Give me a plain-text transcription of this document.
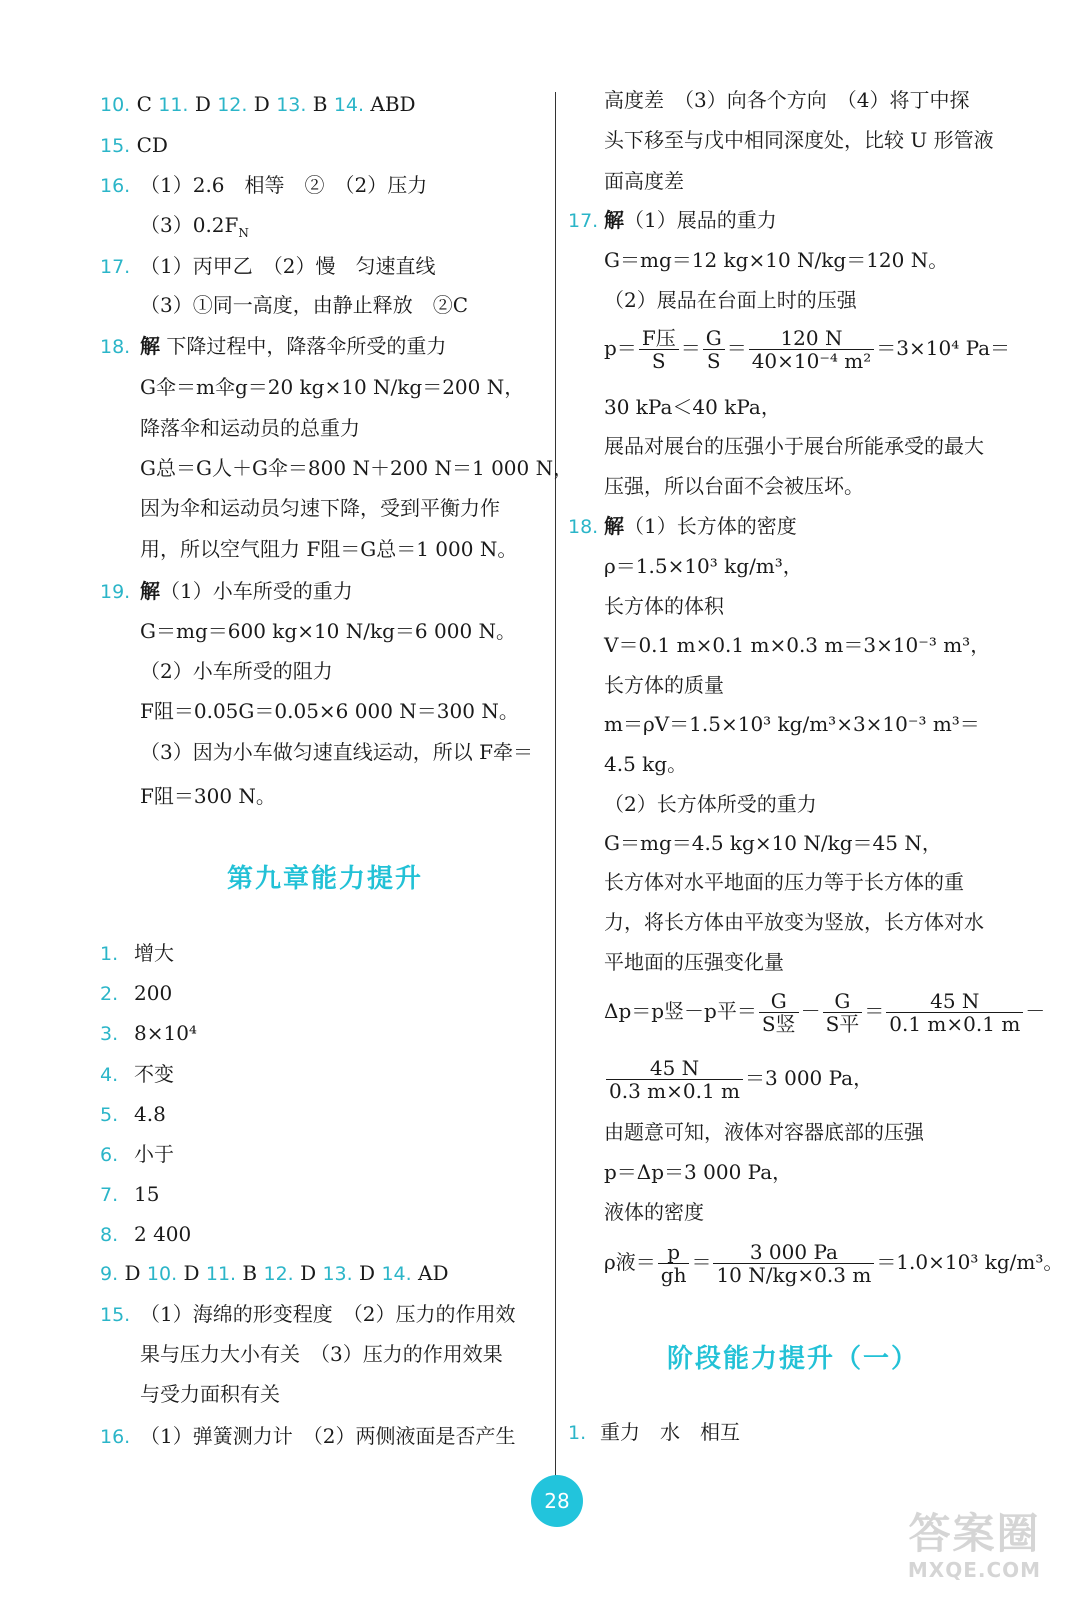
10. C 11. D 12. D 13. B 14. ABD
15. CD
16. （1）2.6　相等　②　（2）压力
$(3)0.2F_N$
17. （1）丙甲乙　（2）慢　匀速直线
（3）①同一高度，由静止释放　②C
18. 解 下降过程中，降落伞所受的重力
G伞＝m伞g＝20 kg×10 N/kg＝200 N，
降落伞和运动员的总重力
G总＝G人＋G伞＝800 N＋200 N＝1 000 N，
因为伞和运动员匀速下降，受到平衡力作
用，所以空气阻力 F阻＝G总＝1 000 N。
19. 解（1）小车所受的重力
G＝mg＝600 kg×10 N/kg＝6 000 N。
（2）小车所受的阻力
F阻＝0.05G＝0.05×6 000 N＝300 N。
（3）因为小车做匀速直线运动，所以 F牵＝
F阻＝300 N。
第九章能力提升
1. 增大
2. 200
3. 8×10⁴
4. 不变
5. 4.8
6. 小于
7. 15
8. 2 400
9. D 10. D 11. B 12. D 13. D 14. AD
15. （1）海绵的形变程度　（2）压力的作用效
果与压力大小有关　（3）压力的作用效果
与受力面积有关
16. （1）弹簧测力计　（2）两侧液面是否产生
高度差　（3）向各个方向　（4）将丁中探
头下移至与戊中相同深度处，比较 U 形管液
面高度差
17. 解（1）展品的重力
G＝mg＝12 kg×10 N/kg＝120 N。
（2）展品在台面上时的压强
$p= \frac{\text{F压}}{S} = \frac{G}{S} = \frac{120 N}{\text{40×10⁻⁴ m²}} =3\times 10^4$ Pa＝
30 kPa＜40 kPa，
展品对展台的压强小于展台所能承受的最大
压强，所以台面不会被压坏。
18. 解（1）长方体的密度
ρ＝1.5×10³ kg/m³，
长方体的体积
V＝0.1 m×0.1 m×0.3 m＝3×10⁻³ m³，
长方体的质量
m＝ρV＝1.5×10³ kg/m³×3×10⁻³ m³＝
4.5 kg。
（2）长方体所受的重力
G＝mg＝4.5 kg×10 N/kg＝45 N，
长方体对水平地面的压力等于长方体的重
力，将长方体由平放变为竖放，长方体对水
平地面的压强变化量
Δp＝p竖－p平＝ $\frac{G}{\text{S竖}} - \frac{G}{\text{S平}} = \frac{45 N}{0.1 m\times 0.1 m}$ －
$\frac{45 N}{0.3 m\times 0.1 m} =3$ 000 Pa，
由题意可知，液体对容器底部的压强
p＝Δp＝3 000 Pa，
液体的密度
ρ液＝ $\frac{p}{gh} = \frac{3 000 Pa}{10 N/kg\times 0.3 m} =1.0\times 10^3$ kg/m³。
阶段能力提升（一）
1. 重力　水　相互
28
答案圈
MXQE.COM
